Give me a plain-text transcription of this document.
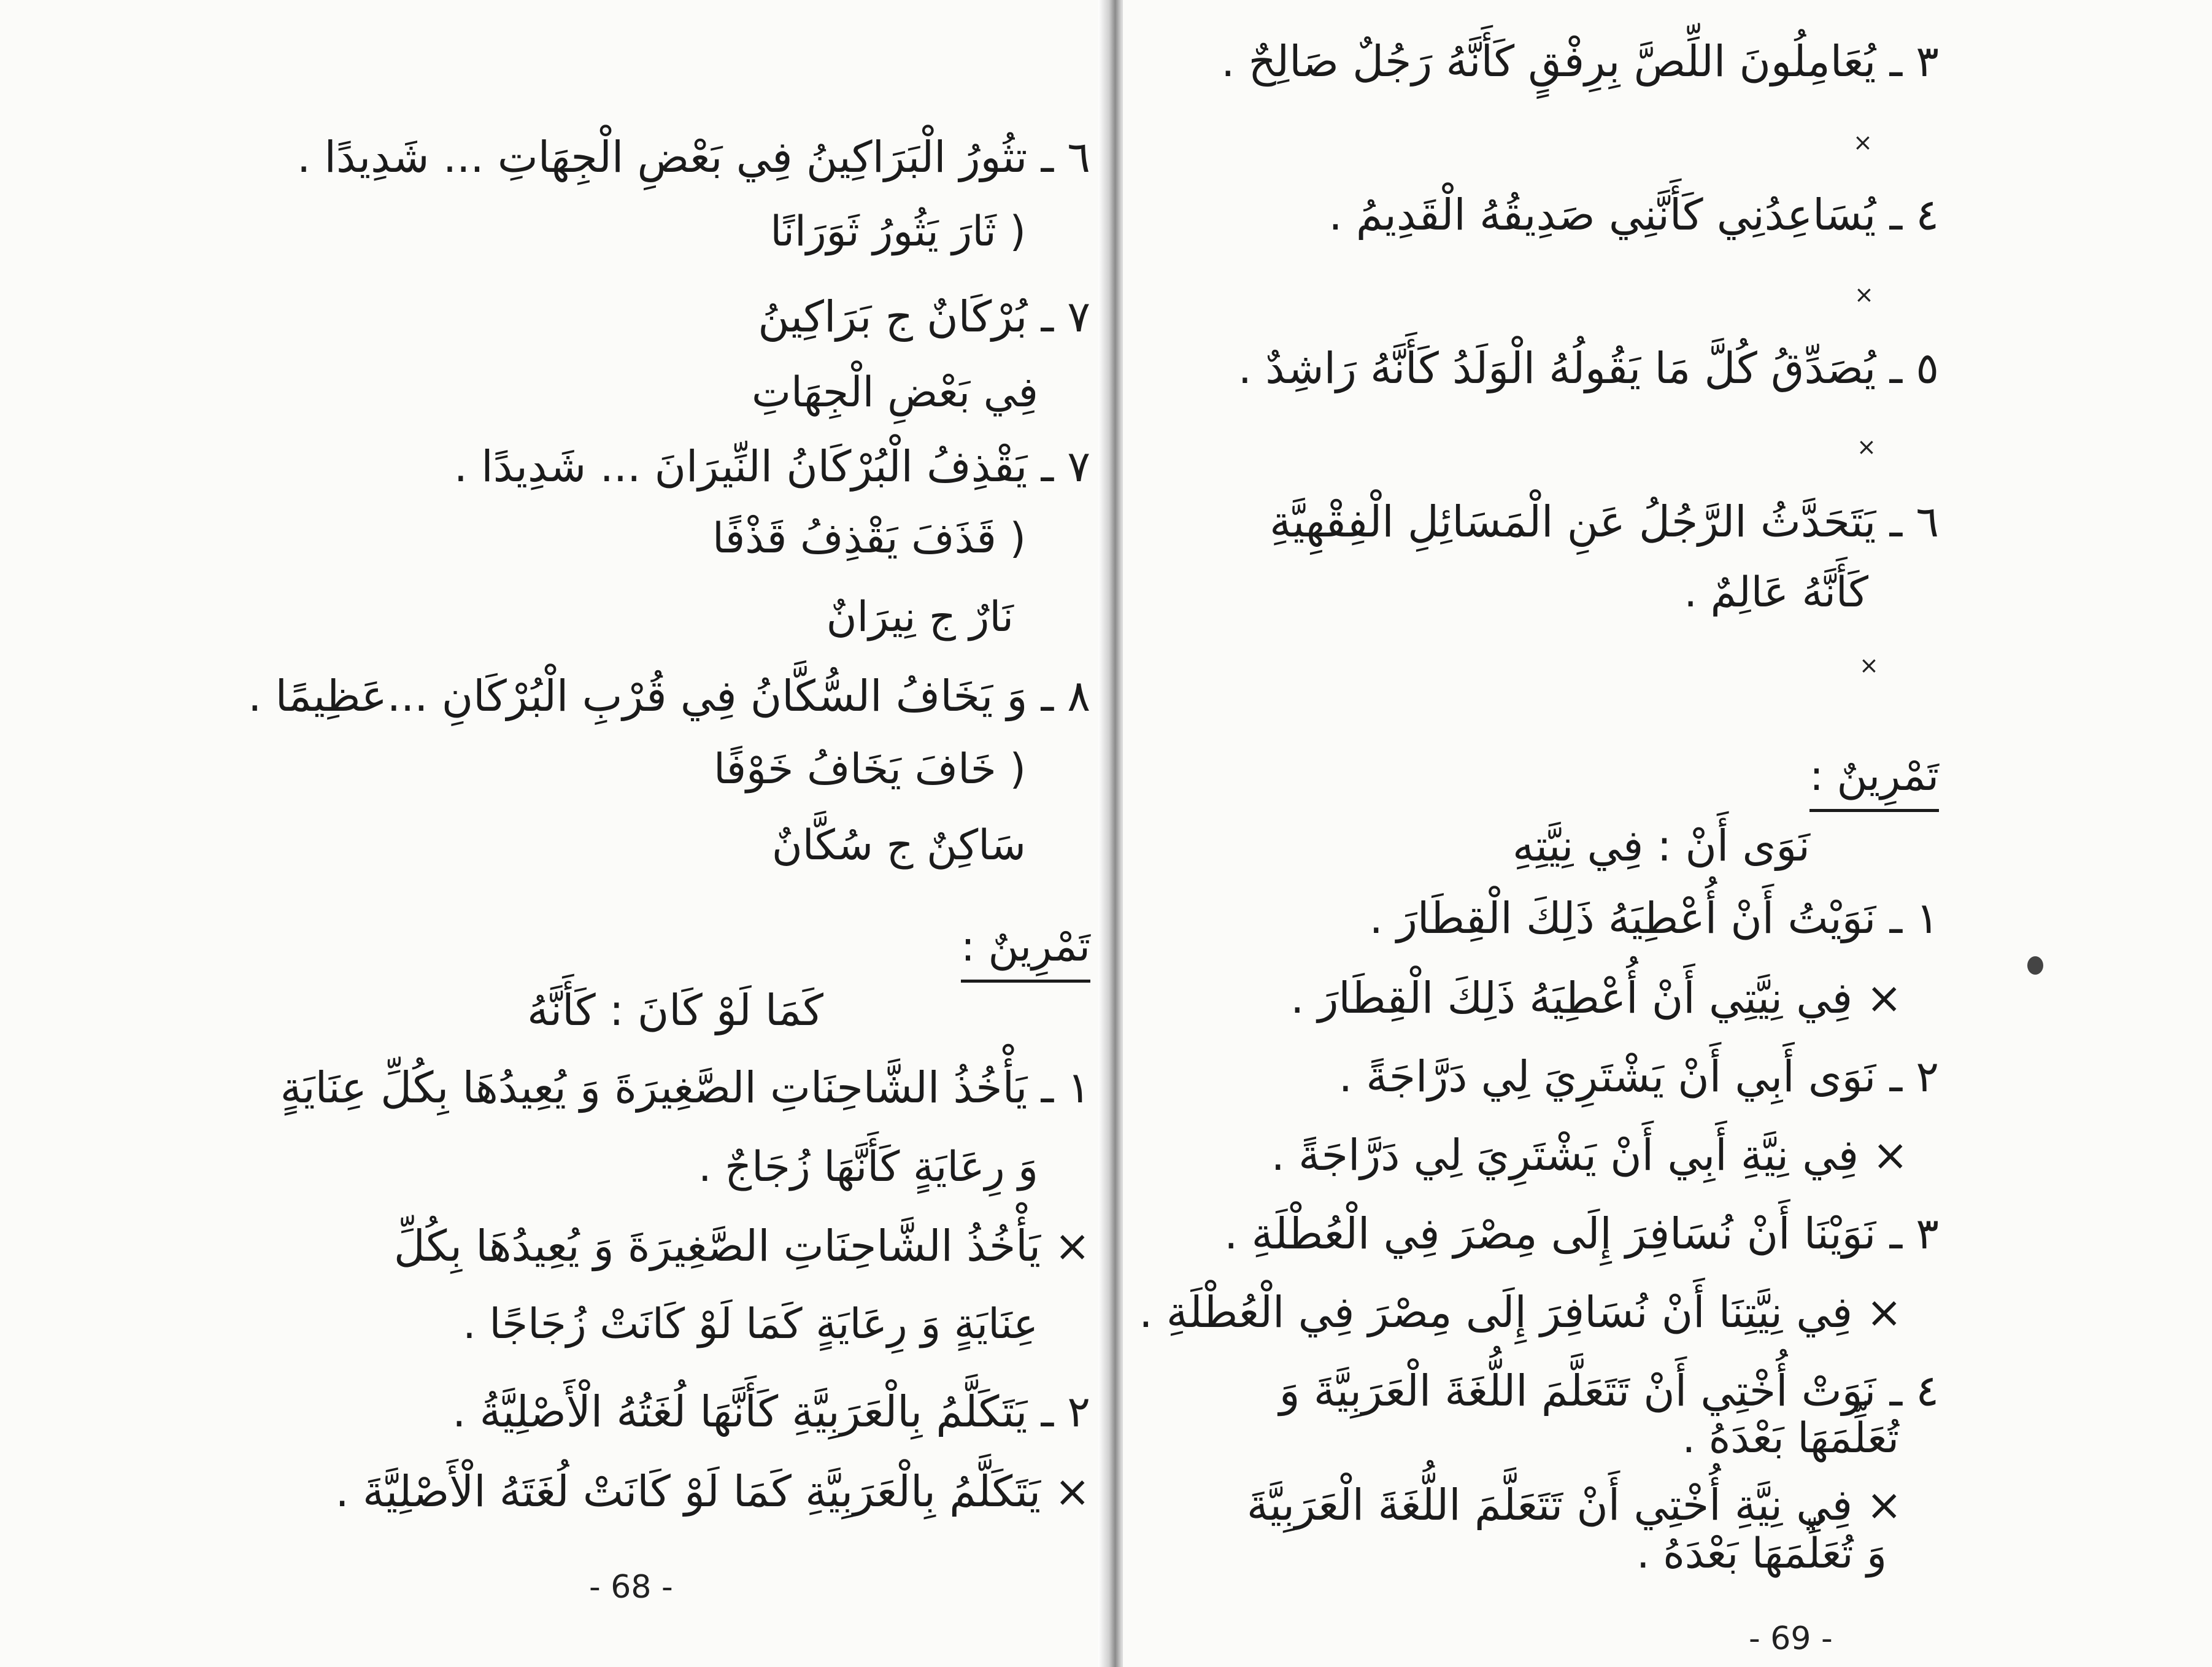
٦ ـ تثُورُ الْبَرَاكِينُ فِي بَعْضِ الْجِهَاتِ ... شَدِيدًا .
( ثَارَ يَثُورُ ثَوَرَانًا
٧ ـ بُرْكَانٌ ج بَرَاكِينُ
فِي بَعْضِ الْجِهَاتِ
٧ ـ يَقْذِفُ الْبُرْكَانُ النِّيرَانَ ... شَدِيدًا .
( قَذَفَ يَقْذِفُ قَذْفًا
نَارٌ ج نِيرَانٌ
٨ ـ وَ يَخَافُ السُّكَّانُ فِي قُرْبِ الْبُرْكَانِ ...عَظِيمًا .
( خَافَ يَخَافُ خَوْفًا
سَاكِنٌ ج سُكَّانٌ
تَمْرِينٌ :
كَمَا لَوْ كَانَ : كَأَنَّهُ
١ ـ يَأْخُذُ الشَّاحِنَاتِ الصَّغِيرَةَ وَ يُعِيدُهَا بِكُلِّ عِنَايَةٍ
وَ رِعَايَةٍ كَأَنَّهَا زُجَاجٌ .
× يَأْخُذُ الشَّاحِنَاتِ الصَّغِيرَةَ وَ يُعِيدُهَا بِكُلِّ
عِنَايَةٍ وَ رِعَايَةٍ كَمَا لَوْ كَانَتْ زُجَاجًا .
٢ ـ يَتَكَلَّمُ بِالْعَرَبِيَّةِ كَأَنَّهَا لُغَتُهُ الْأَصْلِيَّةُ .
× يَتَكَلَّمُ بِالْعَرَبِيَّةِ كَمَا لَوْ كَانَتْ لُغَتَهُ الْأَصْلِيَّةَ .
- 68 -
٣ ـ يُعَامِلُونَ اللِّصَّ بِرِفْقٍ كَأَنَّهُ رَجُلٌ صَالِحٌ .
×
٤ ـ يُسَاعِدُنِي كَأَنَّنِي صَدِيقُهُ الْقَدِيمُ .
×
٥ ـ يُصَدِّقُ كُلَّ مَا يَقُولُهُ الْوَلَدُ كَأَنَّهُ رَاشِدٌ .
×
٦ ـ يَتَحَدَّثُ الرَّجُلُ عَنِ الْمَسَائِلِ الْفِقْهِيَّةِ
كَأَنَّهُ عَالِمٌ .
×
تَمْرِينٌ :
نَوَى أَنْ : فِي نِيَّتِهِ
١ ـ نَوَيْتُ أَنْ أُعْطِيَهُ ذَلِكَ الْقِطَارَ .
× فِي نِيَّتِي أَنْ أُعْطِيَهُ ذَلِكَ الْقِطَارَ .
٢ ـ نَوَى أَبِي أَنْ يَشْتَرِيَ لِي دَرَّاجَةً .
× فِي نِيَّةِ أَبِي أَنْ يَشْتَرِيَ لِي دَرَّاجَةً .
٣ ـ نَوَيْنَا أَنْ نُسَافِرَ إِلَى مِصْرَ فِي الْعُطْلَةِ .
× فِي نِيَّتِنَا أَنْ نُسَافِرَ إِلَى مِصْرَ فِي الْعُطْلَةِ .
٤ ـ نَوَتْ أُخْتِي أَنْ تَتَعَلَّمَ اللُّغَةَ الْعَرَبِيَّةَ وَ
تُعَلِّمَهَا بَعْدَهُ .
× فِي نِيَّةِ أُخْتِي أَنْ تَتَعَلَّمَ اللُّغَةَ الْعَرَبِيَّةَ
وَ تُعَلِّمَهَا بَعْدَهُ .
- 69 -
